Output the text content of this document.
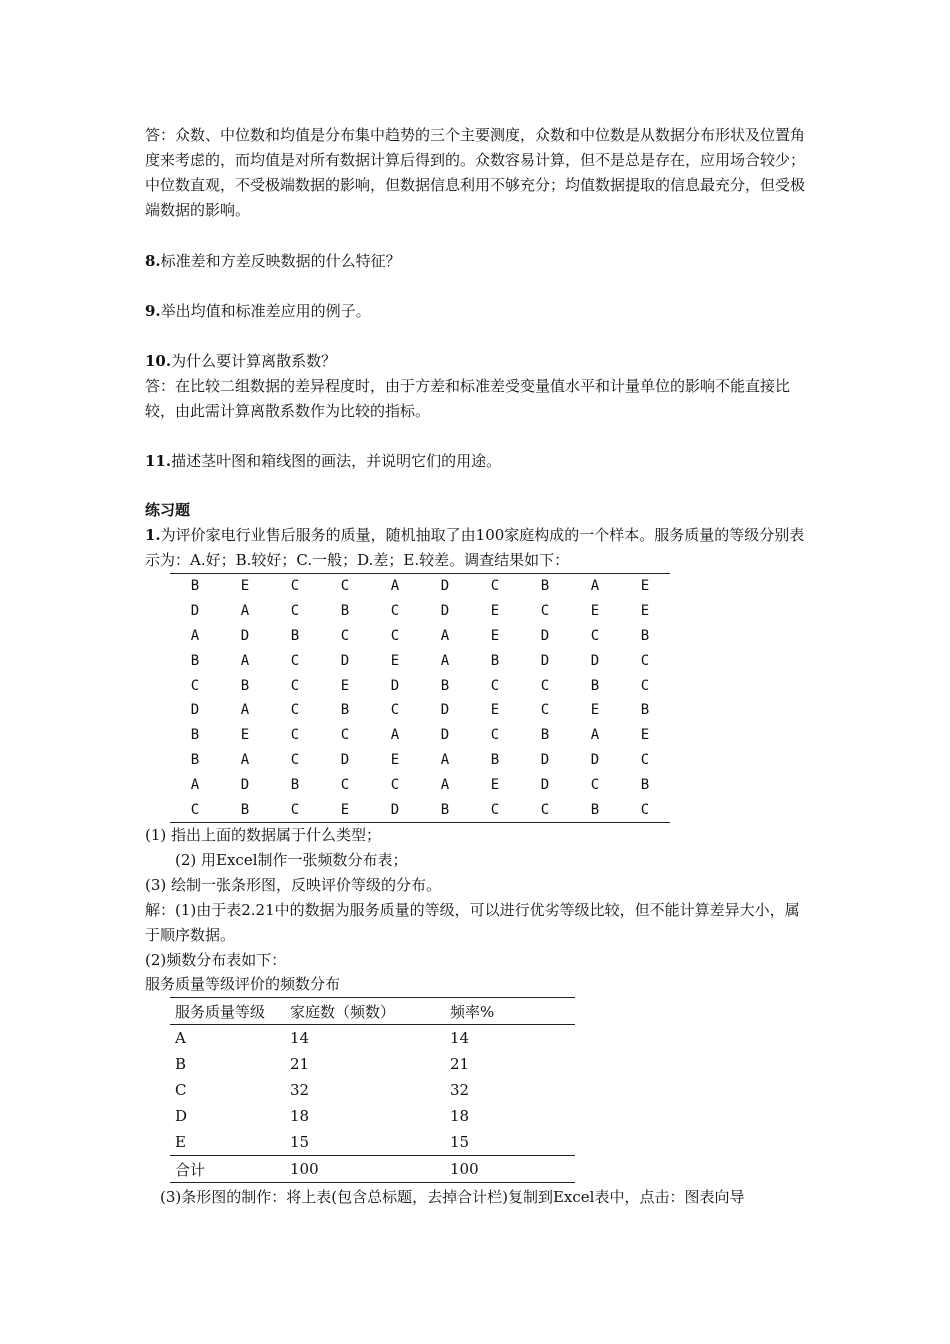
答：众数、中位数和均值是分布集中趋势的三个主要测度，众数和中位数是从数据分布形状及位置角度来考虑的，而均值是对所有数据计算后得到的。众数容易计算，但不是总是存在，应用场合较少；中位数直观，不受极端数据的影响，但数据信息利用不够充分；均值数据提取的信息最充分，但受极端数据的影响。

8.标准差和方差反映数据的什么特征？

9.举出均值和标准差应用的例子。

10.为什么要计算离散系数？

答：在比较二组数据的差异程度时，由于方差和标准差受变量值水平和计量单位的影响不能直接比较，由此需计算离散系数作为比较的指标。

11.描述茎叶图和箱线图的画法，并说明它们的用途。

练习题

1.为评价家电行业售后服务的质量，随机抽取了由100家庭构成的一个样本。服务质量的等级分别表示为：A.好；B.较好；C.一般；D.差；E.较差。调查结果如下：

B	E	C	C	A	D	C	B	A	E
D	A	C	B	C	D	E	C	E	E
A	D	B	C	C	A	E	D	C	B
B	A	C	D	E	A	B	D	D	C
C	B	C	E	D	B	C	C	B	C
D	A	C	B	C	D	E	C	E	B
B	E	C	C	A	D	C	B	A	E
B	A	C	D	E	A	B	D	D	C
A	D	B	C	C	A	E	D	C	B
C	B	C	E	D	B	C	C	B	C

(1) 指出上面的数据属于什么类型；

(2) 用Excel制作一张频数分布表；

(3) 绘制一张条形图，反映评价等级的分布。

解：(1)由于表2.21中的数据为服务质量的等级，可以进行优劣等级比较，但不能计算差异大小，属于顺序数据。

(2)频数分布表如下：

服务质量等级评价的频数分布

服务质量等级	家庭数（频数）	频率%
A	14	14
B	21	21
C	32	32
D	18	18
E	15	15
合计	100	100

(3)条形图的制作：将上表(包含总标题，去掉合计栏)复制到Excel表中，点击：图表向导
